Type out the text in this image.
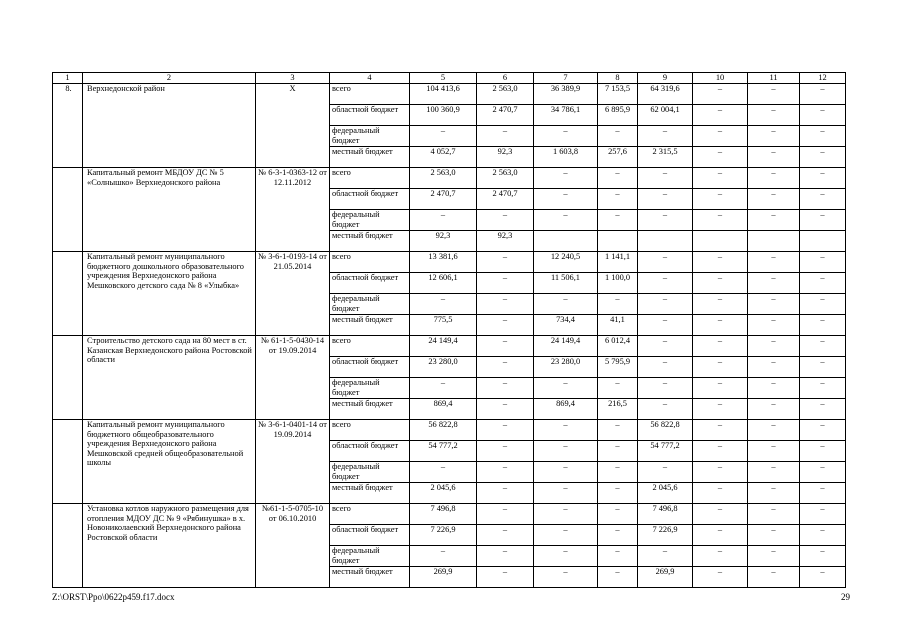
1	2	3	4	5	6	7	8	9	10	11	12
8.	Верхнедонской район	Х	всего	104 413,6	2 563,0	36 389,9	7 153,5	64 319,6	–	–	–
			областной бюджет	100 360,9	2 470,7	34 786,1	6 895,9	62 004,1	–	–	–
			федеральный бюджет	–	–	–	–	–	–	–	–
			местный бюджет	4 052,7	92,3	1 603,8	257,6	2 315,5	–	–	–
	Капитальный ремонт МБДОУ ДС № 5 «Солнышко» Верхнедонского района	№ 6-3-1-0363-12 от 12.11.2012	всего	2 563,0	2 563,0	–	–	–	–	–	–
			областной бюджет	2 470,7	2 470,7	–	–	–	–	–	–
			федеральный бюджет	–	–	–	–	–	–	–	–
			местный бюджет	92,3	92,3						
	Капитальный ремонт муниципального бюджетного дошкольного образовательного учреждения Верхнедонского района Мешковского детского сада № 8 «Улыбка»	№ 3-6-1-0193-14 от 21.05.2014	всего	13 381,6	–	12 240,5	1 141,1	–	–	–	–
			областной бюджет	12 606,1	–	11 506,1	1 100,0	–	–	–	–
			федеральный бюджет	–	–	–	–	–	–	–	–
			местный бюджет	775,5	–	734,4	41,1	–	–	–	–
	Строительство детского сада на 80 мест в ст. Казанская Верхнедонского района Ростовской области	№ 61-1-5-0430-14 от 19.09.2014	всего	24 149,4	–	24 149,4	6 012,4	–	–	–	–
			областной бюджет	23 280,0	–	23 280,0	5 795,9	–	–	–	–
			федеральный бюджет	–	–	–	–	–	–	–	–
			местный бюджет	869,4	–	869,4	216,5	–	–	–	–
	Капитальный ремонт муниципального бюджетного общеобразовательного учреждения Верхнедонского района Мешковской средней общеобразовательной школы	№ 3-6-1-0401-14 от 19.09.2014	всего	56 822,8	–	–	–	56 822,8	–	–	–
			областной бюджет	54 777,2	–	–	–	54 777,2	–	–	–
			федеральный бюджет	–	–	–	–	–	–	–	–
			местный бюджет	2 045,6	–	–	–	2 045,6	–	–	–
	Установка котлов наружного размещения для отопления МДОУ ДС № 9 «Рябинушка» в х. Новониколаевский Верхнедонского района Ростовской области	№61-1-5-0705-10 от 06.10.2010	всего	7 496,8	–	–	–	7 496,8	–	–	–
			областной бюджет	7 226,9	–	–	–	7 226,9	–	–	–
			федеральный бюджет	–	–	–	–	–	–	–	–
			местный бюджет	269,9	–	–	–	269,9	–	–	–
Z:\ORST\Ppo\0622p459.f17.docx	29
